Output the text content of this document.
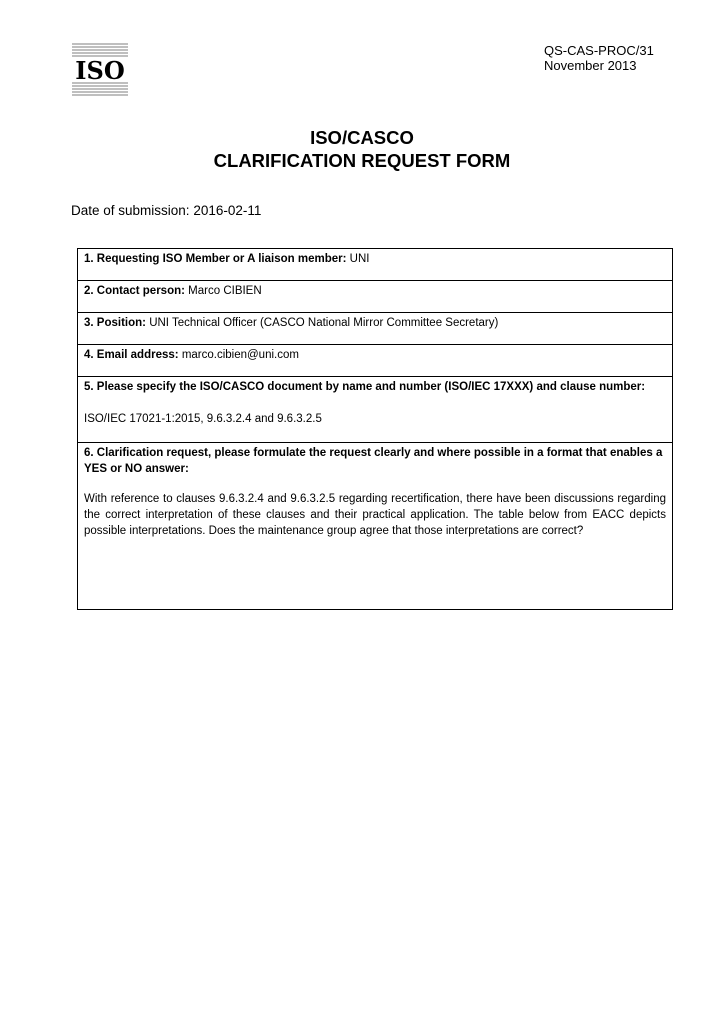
ISO
QS-CAS-PROC/31
November 2013
ISO/CASCO
CLARIFICATION REQUEST FORM
Date of submission: 2016-02-11
1. Requesting ISO Member or A liaison member: UNI
2. Contact person: Marco CIBIEN
3. Position: UNI Technical Officer (CASCO National Mirror Committee Secretary)
4. Email address: marco.cibien@uni.com
5. Please specify the ISO/CASCO document by name and number (ISO/IEC 17XXX) and clause number:
ISO/IEC 17021-1:2015, 9.6.3.2.4 and 9.6.3.2.5
6. Clarification request, please formulate the request clearly and where possible in a format that enables a YES or NO answer:
With reference to clauses 9.6.3.2.4 and 9.6.3.2.5 regarding recertification, there have been discussions regarding the correct interpretation of these clauses and their practical application. The table below from EACC depicts possible interpretations. Does the maintenance group agree that those interpretations are correct?
